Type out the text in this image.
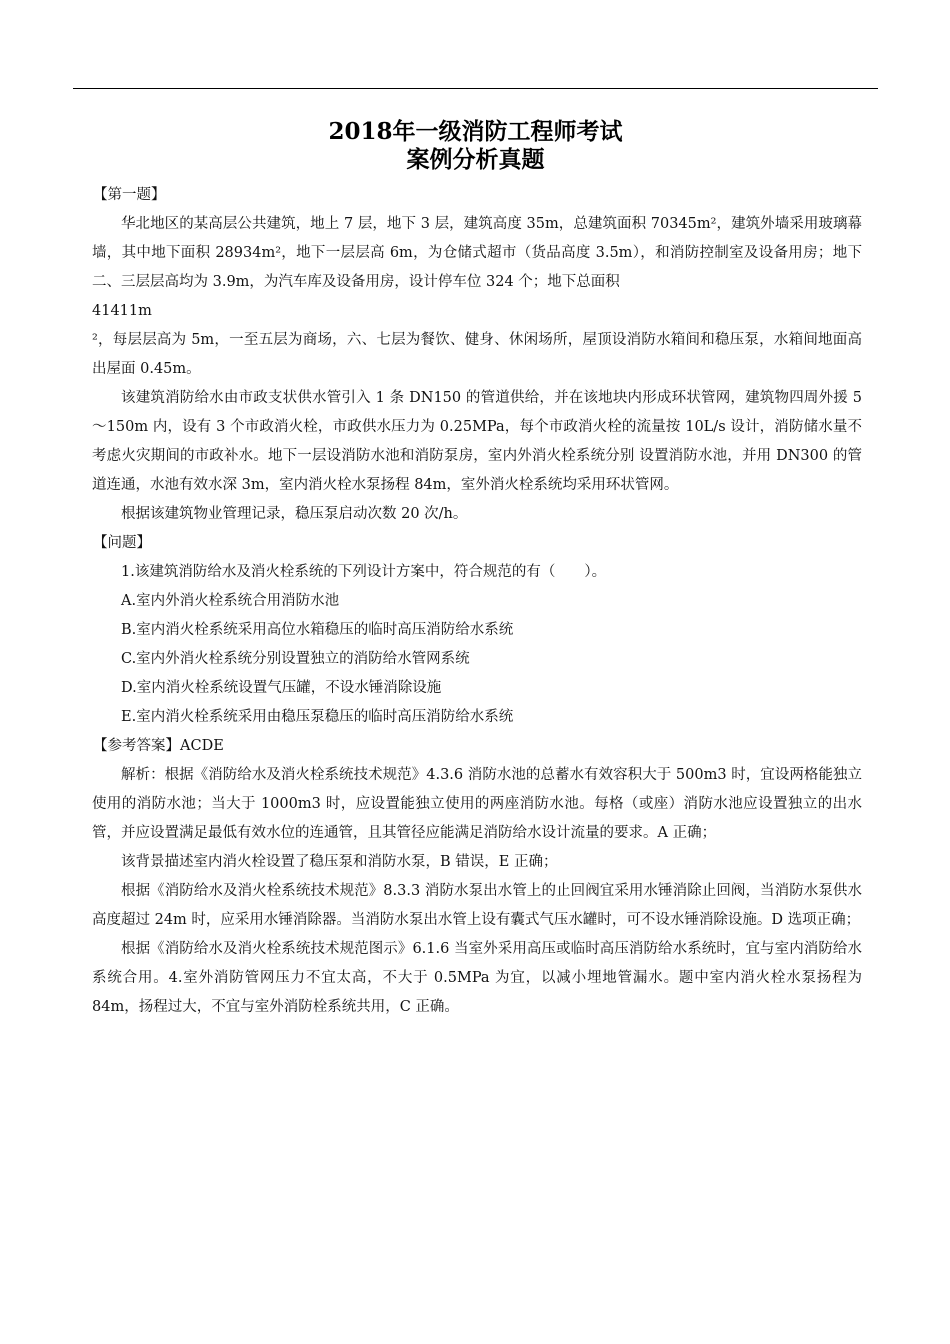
2018年一级消防工程师考试
案例分析真题

【第一题】

华北地区的某高层公共建筑，地上 7 层，地下 3 层，建筑高度 35m，总建筑面积 70345m²，建筑外墙采用玻璃幕墙，其中地下面积 28934m²，地下一层层高 6m，为仓储式超市（货品高度 3.5m），和消防控制室及设备用房；地下二、三层层高均为 3.9m，为汽车库及设备用房，设计停车位 324 个；地下总面积

41411m

²，每层层高为 5m，一至五层为商场，六、七层为餐饮、健身、休闲场所，屋顶设消防水箱间和稳压泵，水箱间地面高出屋面 0.45m。

该建筑消防给水由市政支状供水管引入 1 条 DN150 的管道供给，并在该地块内形成环状管网，建筑物四周外援 5～150m 内，设有 3 个市政消火栓，市政供水压力为 0.25MPa，每个市政消火栓的流量按 10L/s 设计，消防储水量不考虑火灾期间的市政补水。地下一层设消防水池和消防泵房，室内外消火栓系统分别 设置消防水池，并用 DN300 的管道连通，水池有效水深 3m，室内消火栓水泵扬程 84m，室外消火栓系统均采用环状管网。

根据该建筑物业管理记录，稳压泵启动次数 20 次/h。

【问题】

1.该建筑消防给水及消火栓系统的下列设计方案中，符合规范的有（　　）。

A.室内外消火栓系统合用消防水池

B.室内消火栓系统采用高位水箱稳压的临时高压消防给水系统

C.室内外消火栓系统分别设置独立的消防给水管网系统

D.室内消火栓系统设置气压罐，不设水锤消除设施

E.室内消火栓系统采用由稳压泵稳压的临时高压消防给水系统

【参考答案】ACDE

解析：根据《消防给水及消火栓系统技术规范》4.3.6 消防水池的总蓄水有效容积大于 500m3 时，宜设两格能独立使用的消防水池；当大于 1000m3 时，应设置能独立使用的两座消防水池。每格（或座）消防水池应设置独立的出水管，并应设置满足最低有效水位的连通管，且其管径应能满足消防给水设计流量的要求。A 正确；

该背景描述室内消火栓设置了稳压泵和消防水泵，B 错误，E 正确；

根据《消防给水及消火栓系统技术规范》8.3.3 消防水泵出水管上的止回阀宜采用水锤消除止回阀，当消防水泵供水高度超过 24m 时，应采用水锤消除器。当消防水泵出水管上设有囊式气压水罐时，可不设水锤消除设施。D 选项正确；

根据《消防给水及消火栓系统技术规范图示》6.1.6 当室外采用高压或临时高压消防给水系统时，宜与室内消防给水系统合用。4.室外消防管网压力不宜太高，不大于 0.5MPa 为宜，以减小埋地管漏水。题中室内消火栓水泵扬程为 84m，扬程过大，不宜与室外消防栓系统共用，C 正确。
